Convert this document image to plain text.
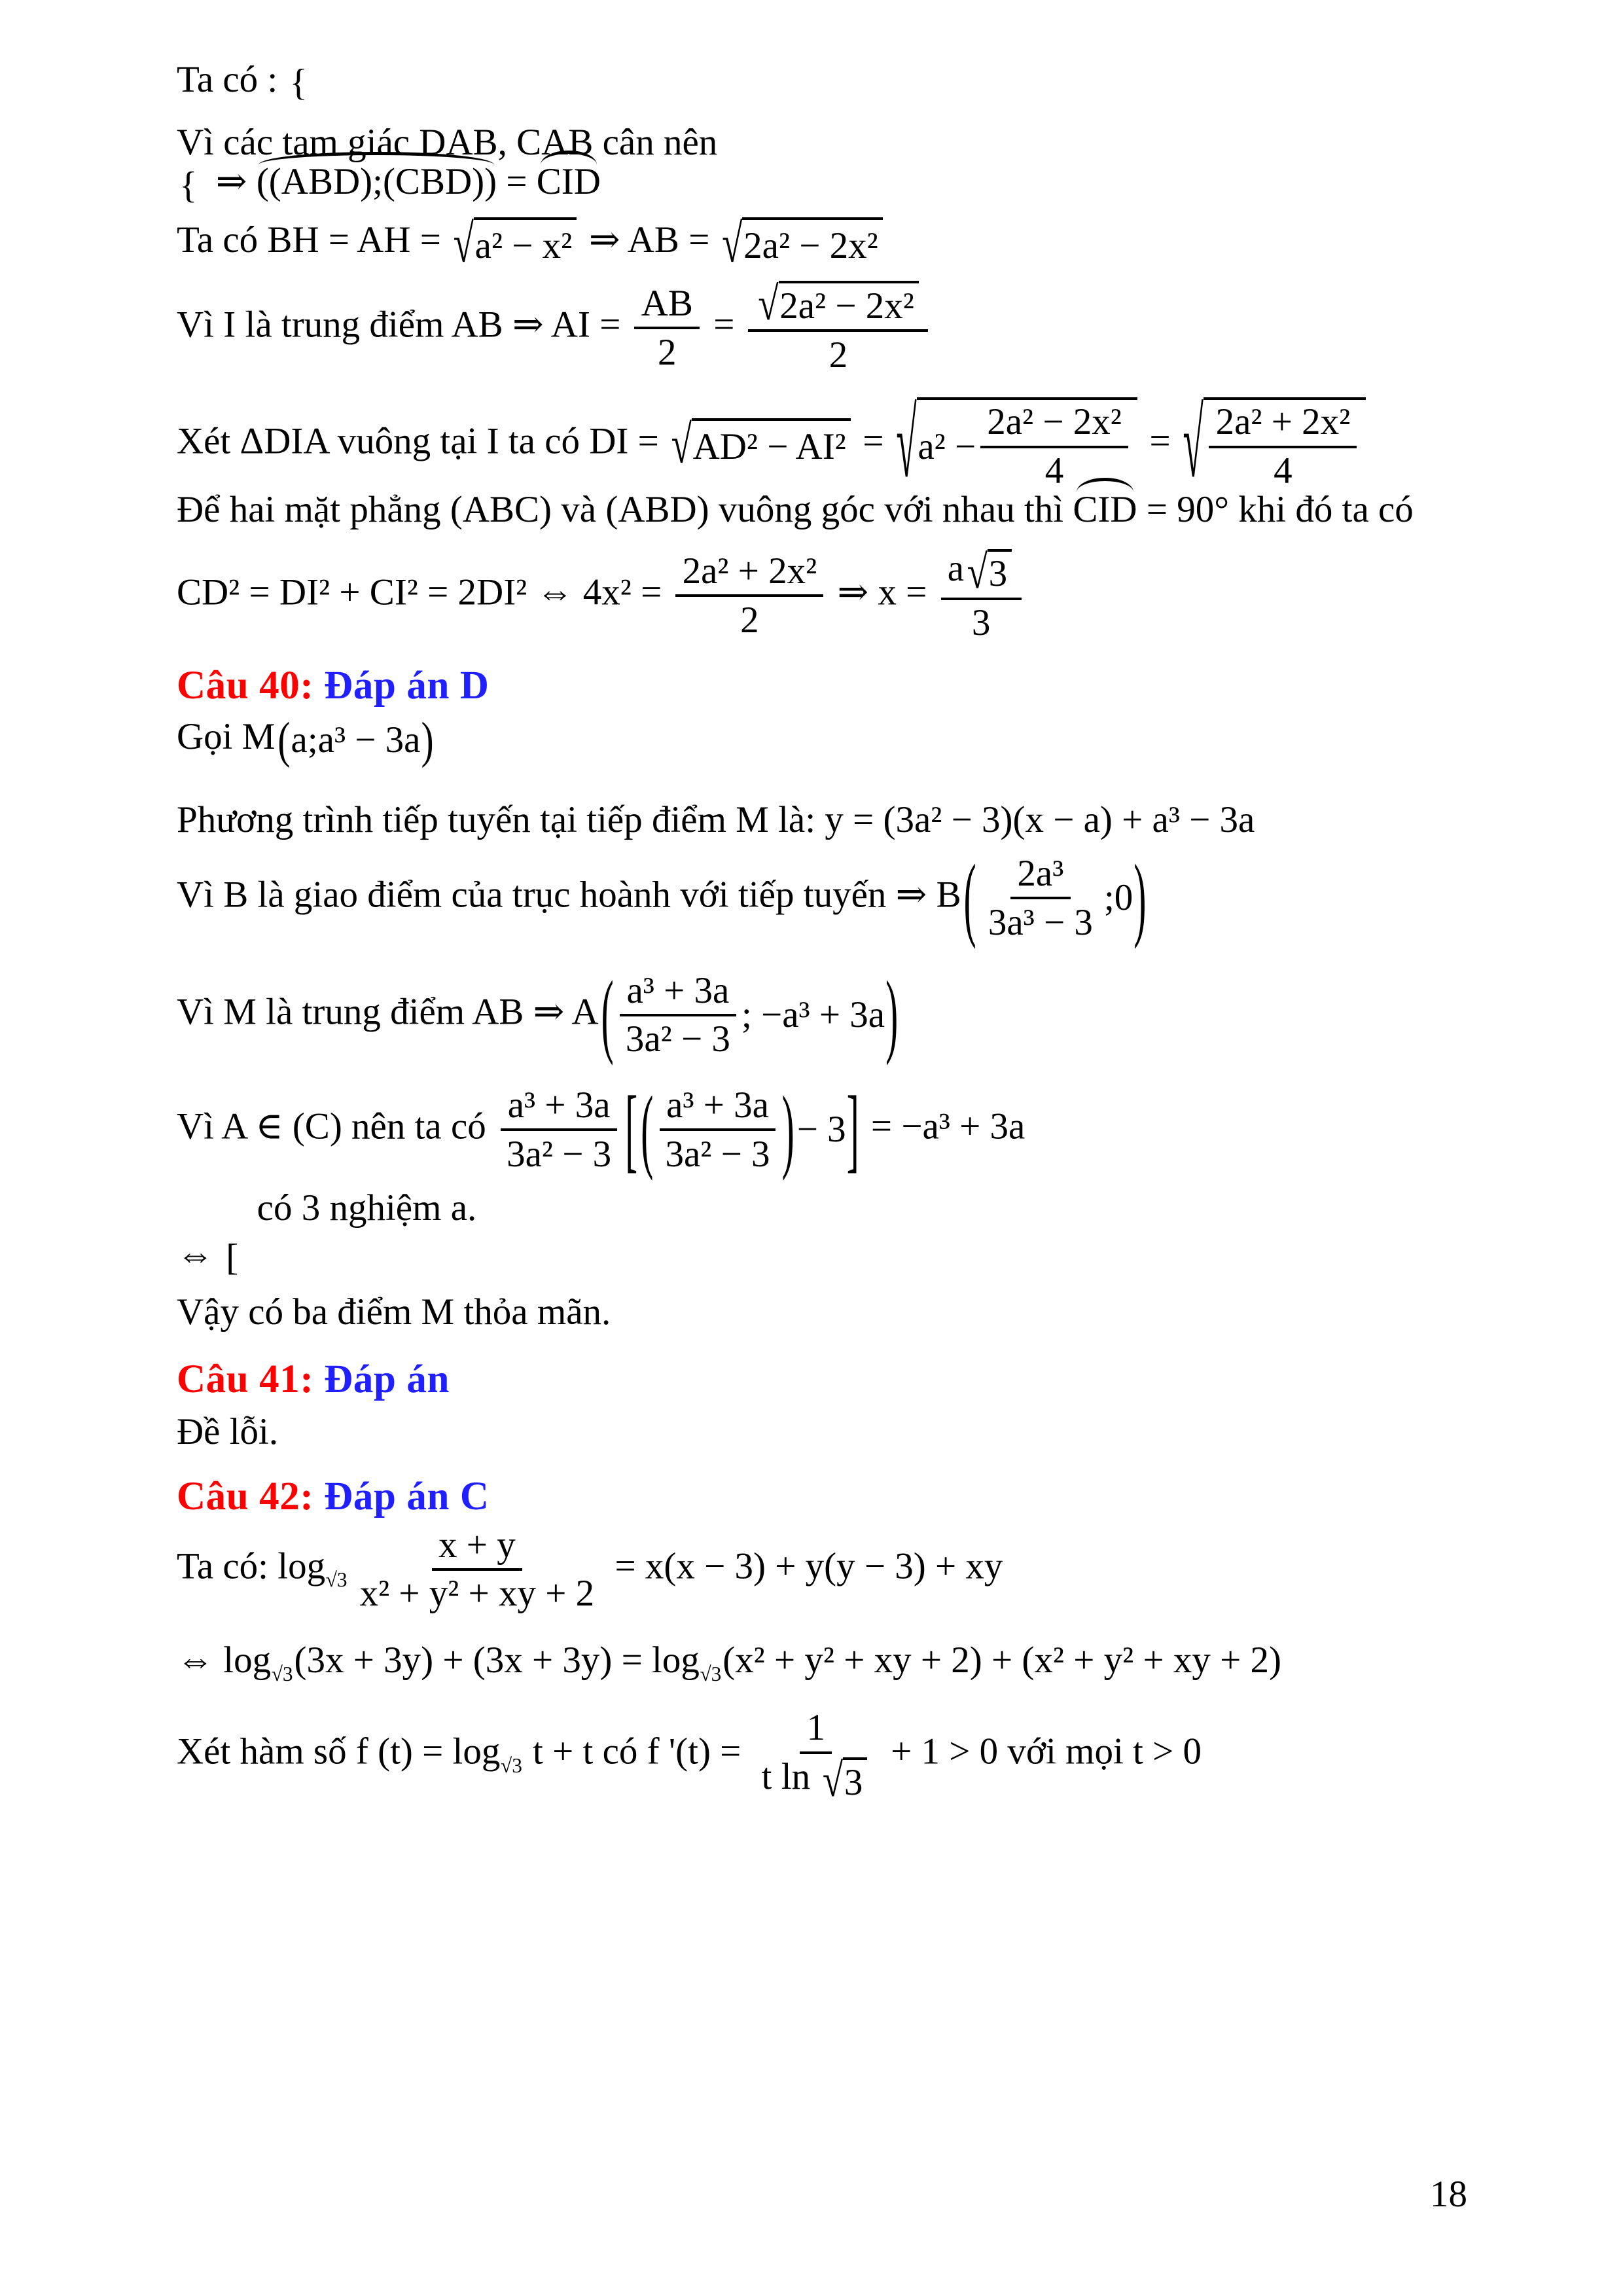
Ta có : {
Vì các tam giác DAB, CAB cân nên
{ ⇒ ((ABD);(CBD)) = CID
Ta có BH = AH = √ a² − x² ⇒ AB = √ 2a² − 2x²
Vì I là trung điểm AB ⇒ AI = $\frac{AB}{2} = \frac{\text{√ 2a² − 2x²}}{2}$
Xét ΔDIA vuông tại I ta có DI = √ AD² − AI² = √ $a^2 - \frac{\text{2a² − 2x²}}{4}$ = √ $\frac{\text{2a² + 2x²}}{4}$
Để hai mặt phẳng (ABC) và (ABD) vuông góc với nhau thì CID = 90° khi đó ta có
CD² = DI² + CI² = 2DI² ⇔ $4x^2 = \frac{\text{2a² + 2x²}}{2}$ ⇒ $x = \frac{a √ 3}{3}$
Câu 40: Đáp án D
Gọi M ( a;a³ − 3a )
Phương trình tiếp tuyến tại tiếp điểm M là: y = (3a² − 3)(x − a) + a³ − 3a
Vì B là giao điểm của trục hoành với tiếp tuyến ⇒ B ( $\frac{\text{2a³}}{\text{3a³ − 3}}$ ;0 )
Vì M là trung điểm AB ⇒ A ( $\frac{\text{a³ + 3a}}{\text{3a² − 3}}$ ; −a³ + 3a )
Vì A ∈ (C) nên ta có $\frac{\text{a³ + 3a}}{\text{3a² − 3}}$ [ ( $\frac{\text{a³ + 3a}}{\text{3a² − 3}}$ ) − 3 ] = −a³ + 3a
⇔ [
có 3 nghiệm a.
Vậy có ba điểm M thỏa mãn.
Câu 41: Đáp án
Đề lỗi.
Câu 42: Đáp án C
Ta có: $\log_{√3} \frac{x + y}{\text{x² + y² + xy + 2}} = x(x - 3) + y(y - 3)$ + xy
⇔ $\log_{√3}(3x + 3y) + (3x + 3y) = \log_{√3}(x^2 + y^2$ + xy + 2) + (x² + y² + xy + 2)
Xét hàm số f $(t) = \log_{√3} t + t$ có f '$(t) = \frac{1}{\text{t ln √ 3}} + 1 > 0$ với mọi t > 0
18
